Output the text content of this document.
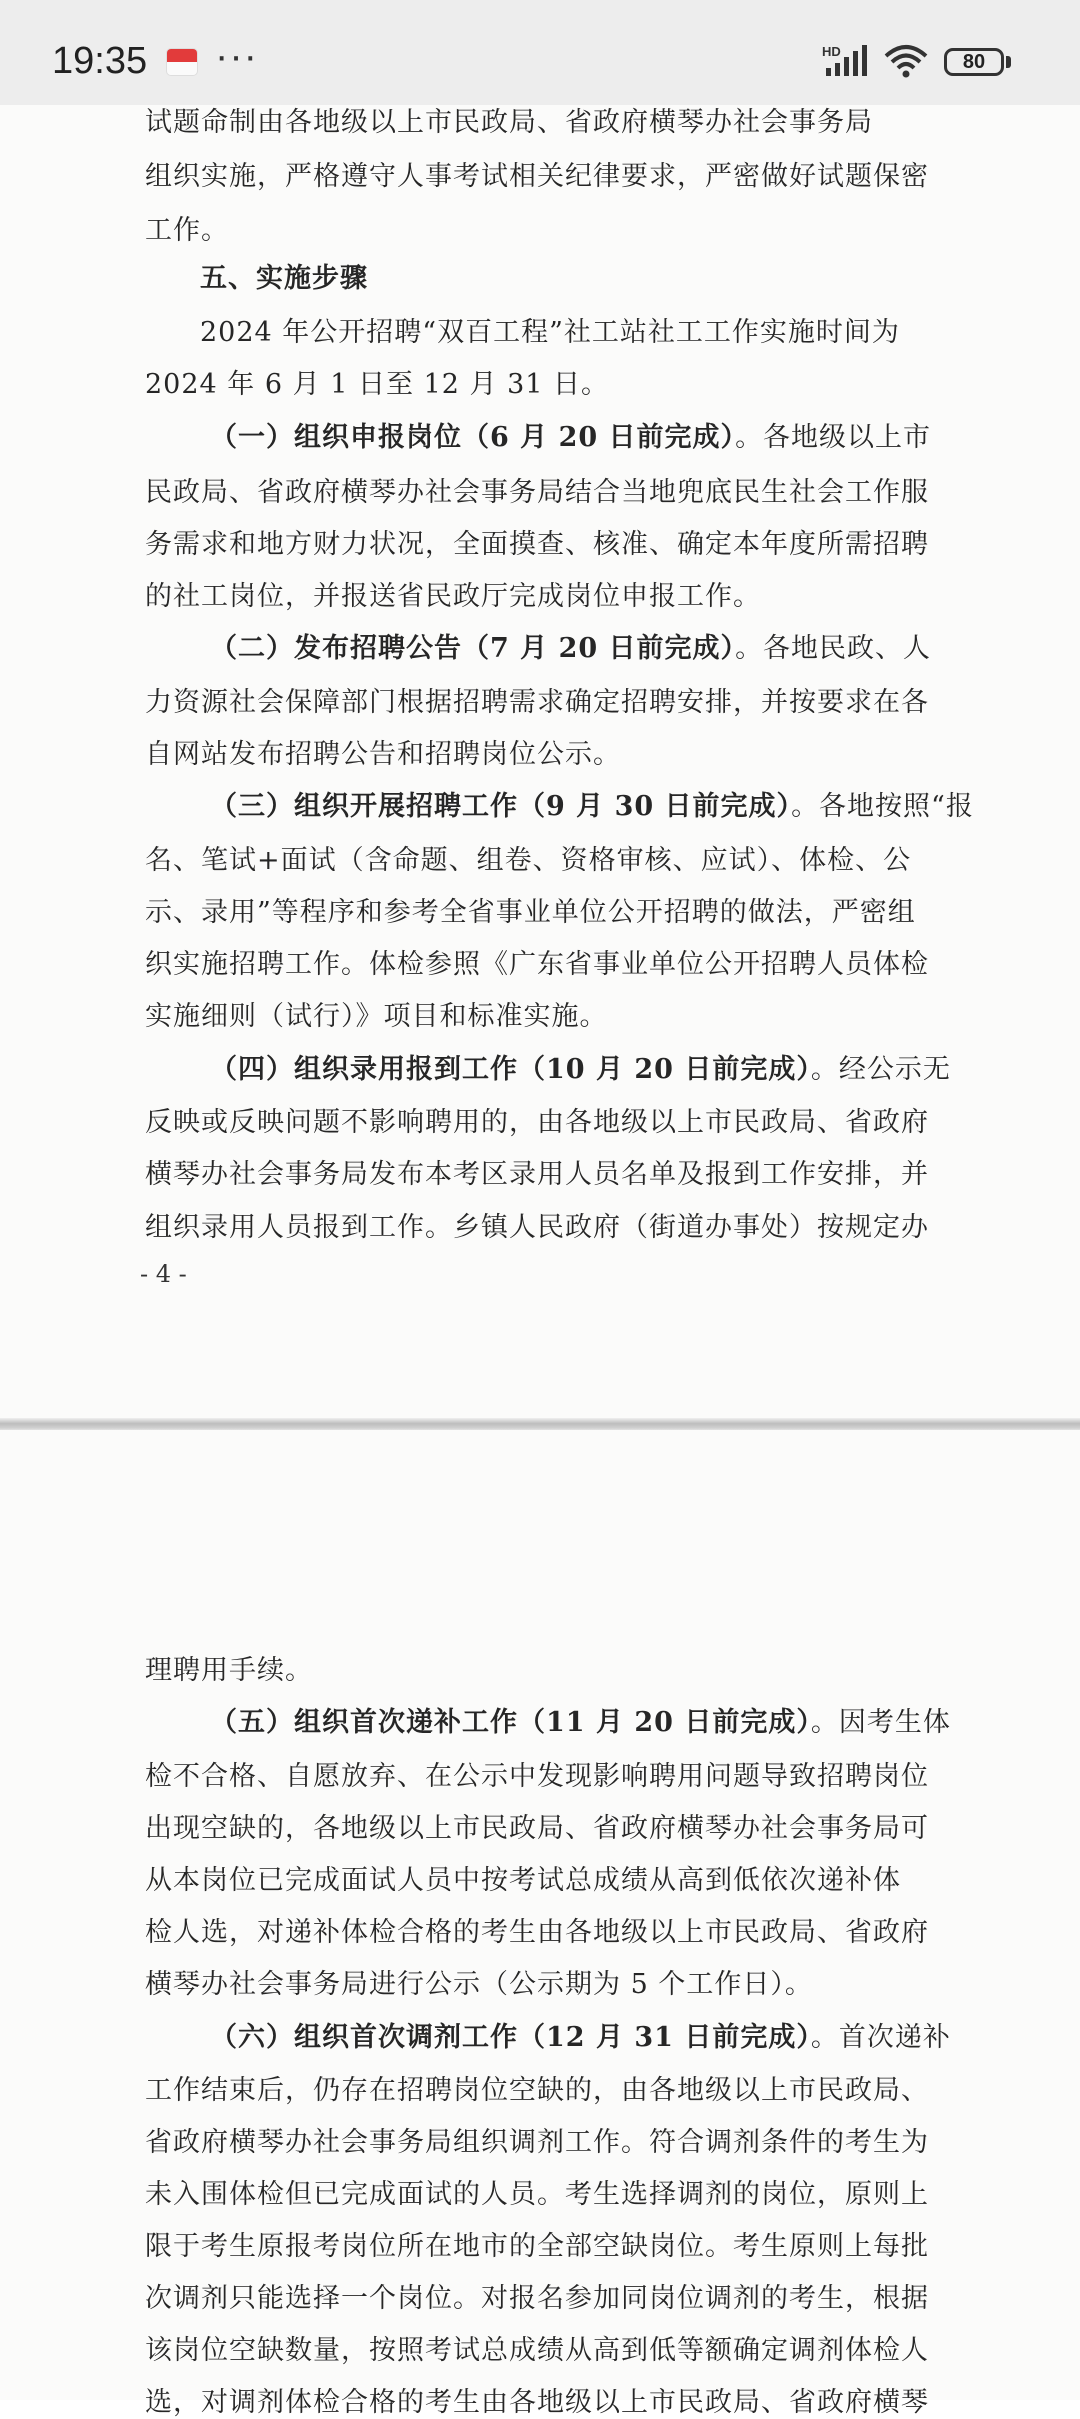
19:35 ···	HD	80
试题命制由各地级以上市民政局、省政府横琴办社会事务局
组织实施，严格遵守人事考试相关纪律要求，严密做好试题保密
工作。
五、实施步骤
2024 年公开招聘“双百工程”社工站社工工作实施时间为
2024 年 6 月 1 日至 12 月 31 日。
（一）组织申报岗位（6 月 20 日前完成）。各地级以上市
民政局、省政府横琴办社会事务局结合当地兜底民生社会工作服
务需求和地方财力状况，全面摸查、核准、确定本年度所需招聘
的社工岗位，并报送省民政厅完成岗位申报工作。
（二）发布招聘公告（7 月 20 日前完成）。各地民政、人
力资源社会保障部门根据招聘需求确定招聘安排，并按要求在各
自网站发布招聘公告和招聘岗位公示。
（三）组织开展招聘工作（9 月 30 日前完成）。各地按照“报
名、笔试+面试（含命题、组卷、资格审核、应试）、体检、公
示、录用”等程序和参考全省事业单位公开招聘的做法，严密组
织实施招聘工作。体检参照《广东省事业单位公开招聘人员体检
实施细则（试行）》项目和标准实施。
（四）组织录用报到工作（10 月 20 日前完成）。经公示无
反映或反映问题不影响聘用的，由各地级以上市民政局、省政府
横琴办社会事务局发布本考区录用人员名单及报到工作安排，并
组织录用人员报到工作。乡镇人民政府（街道办事处）按规定办
- 4 -
理聘用手续。
（五）组织首次递补工作（11 月 20 日前完成）。因考生体
检不合格、自愿放弃、在公示中发现影响聘用问题导致招聘岗位
出现空缺的，各地级以上市民政局、省政府横琴办社会事务局可
从本岗位已完成面试人员中按考试总成绩从高到低依次递补体
检人选，对递补体检合格的考生由各地级以上市民政局、省政府
横琴办社会事务局进行公示（公示期为 5 个工作日）。
（六）组织首次调剂工作（12 月 31 日前完成）。首次递补
工作结束后，仍存在招聘岗位空缺的，由各地级以上市民政局、
省政府横琴办社会事务局组织调剂工作。符合调剂条件的考生为
未入围体检但已完成面试的人员。考生选择调剂的岗位，原则上
限于考生原报考岗位所在地市的全部空缺岗位。考生原则上每批
次调剂只能选择一个岗位。对报名参加同岗位调剂的考生，根据
该岗位空缺数量，按照考试总成绩从高到低等额确定调剂体检人
选，对调剂体检合格的考生由各地级以上市民政局、省政府横琴
